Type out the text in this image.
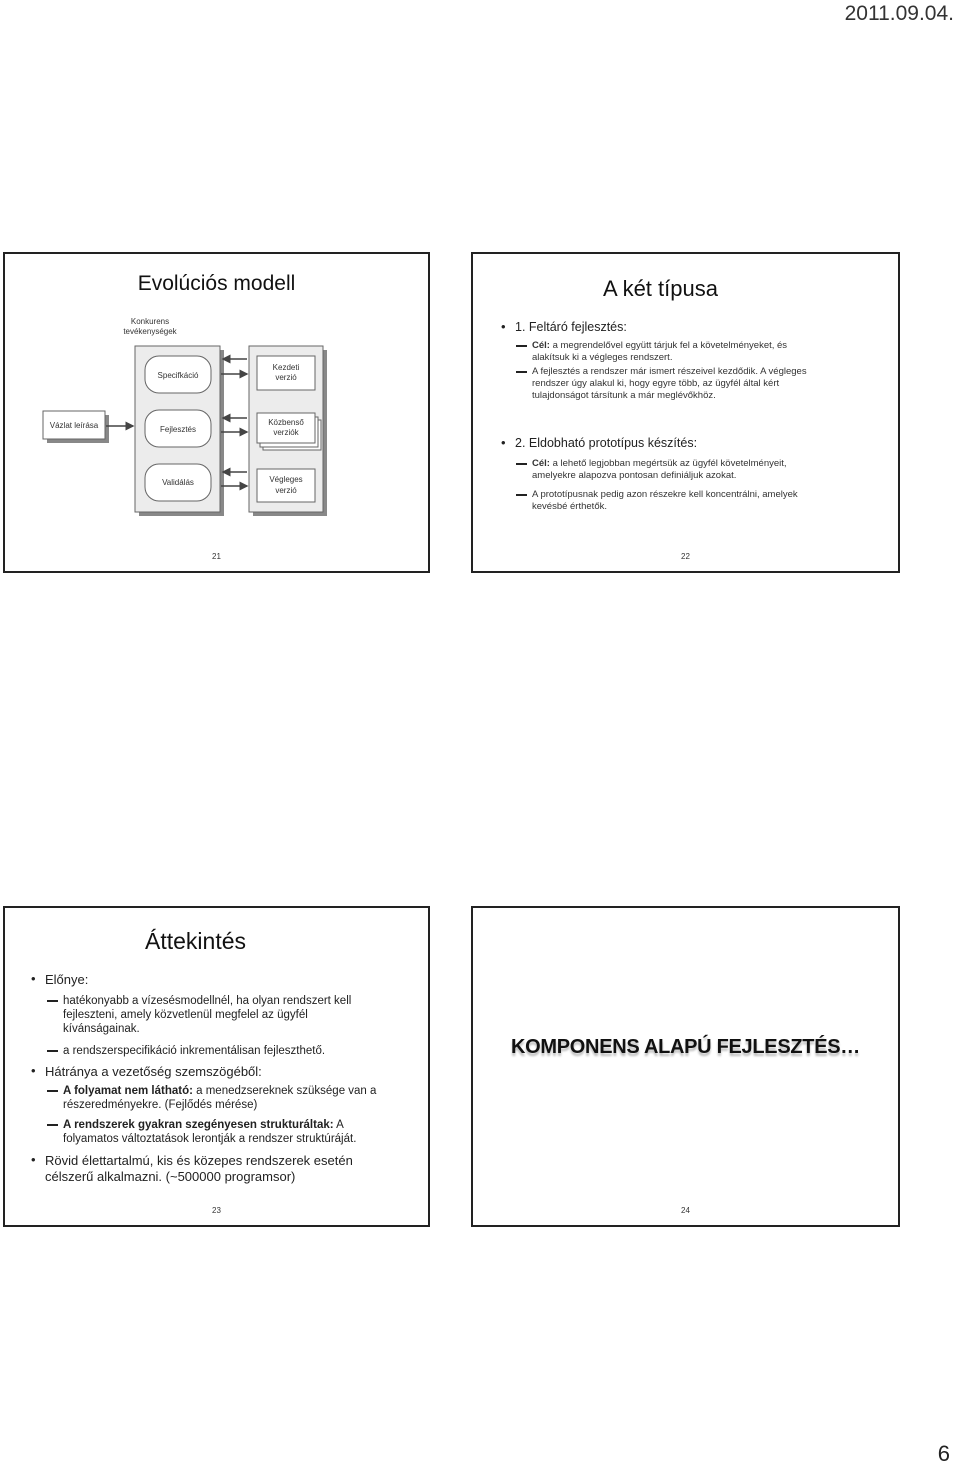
2011.09.04.
Evolúciós modell
Konkurens
tevékenységek
Specifkáció
Fejlesztés
Validálás
Kezdeti
verzió
Közbenső
verziók
Végleges
verzió
Vázlat leírása
21
A két típusa
• 1. Feltáró fejlesztés:
Cél: a megrendelővel együtt tárjuk fel a követelményeket, és
alakítsuk ki a végleges rendszert.
A fejlesztés a rendszer már ismert részeivel kezdődik. A végleges
rendszer úgy alakul ki, hogy egyre több, az ügyfél által kért
tulajdonságot társítunk a már meglévőkhöz.
• 2. Eldobható prototípus készítés:
Cél: a lehető legjobban megértsük az ügyfél követelményeit,
amelyekre alapozva pontosan definiáljuk azokat.
A prototípusnak pedig azon részekre kell koncentrálni, amelyek
kevésbé érthetők.
22
Áttekintés
• Előnye:
hatékonyabb a vízesésmodellnél, ha olyan rendszert kell
fejleszteni, amely közvetlenül megfelel az ügyfél
kívánságainak.
a rendszerspecifikáció inkrementálisan fejleszthető.
• Hátránya a vezetőség szemszögéből:
A folyamat nem látható: a menedzsereknek szüksége van a
részeredményekre. (Fejlődés mérése)
A rendszerek gyakran szegényesen strukturáltak: A
folyamatos változtatások lerontják a rendszer struktúráját.
• Rövid élettartalmú, kis és közepes rendszerek esetén
célszerű alkalmazni. (~500000 programsor)
23
KOMPONENS ALAPÚ FEJLESZTÉS…
24
6
